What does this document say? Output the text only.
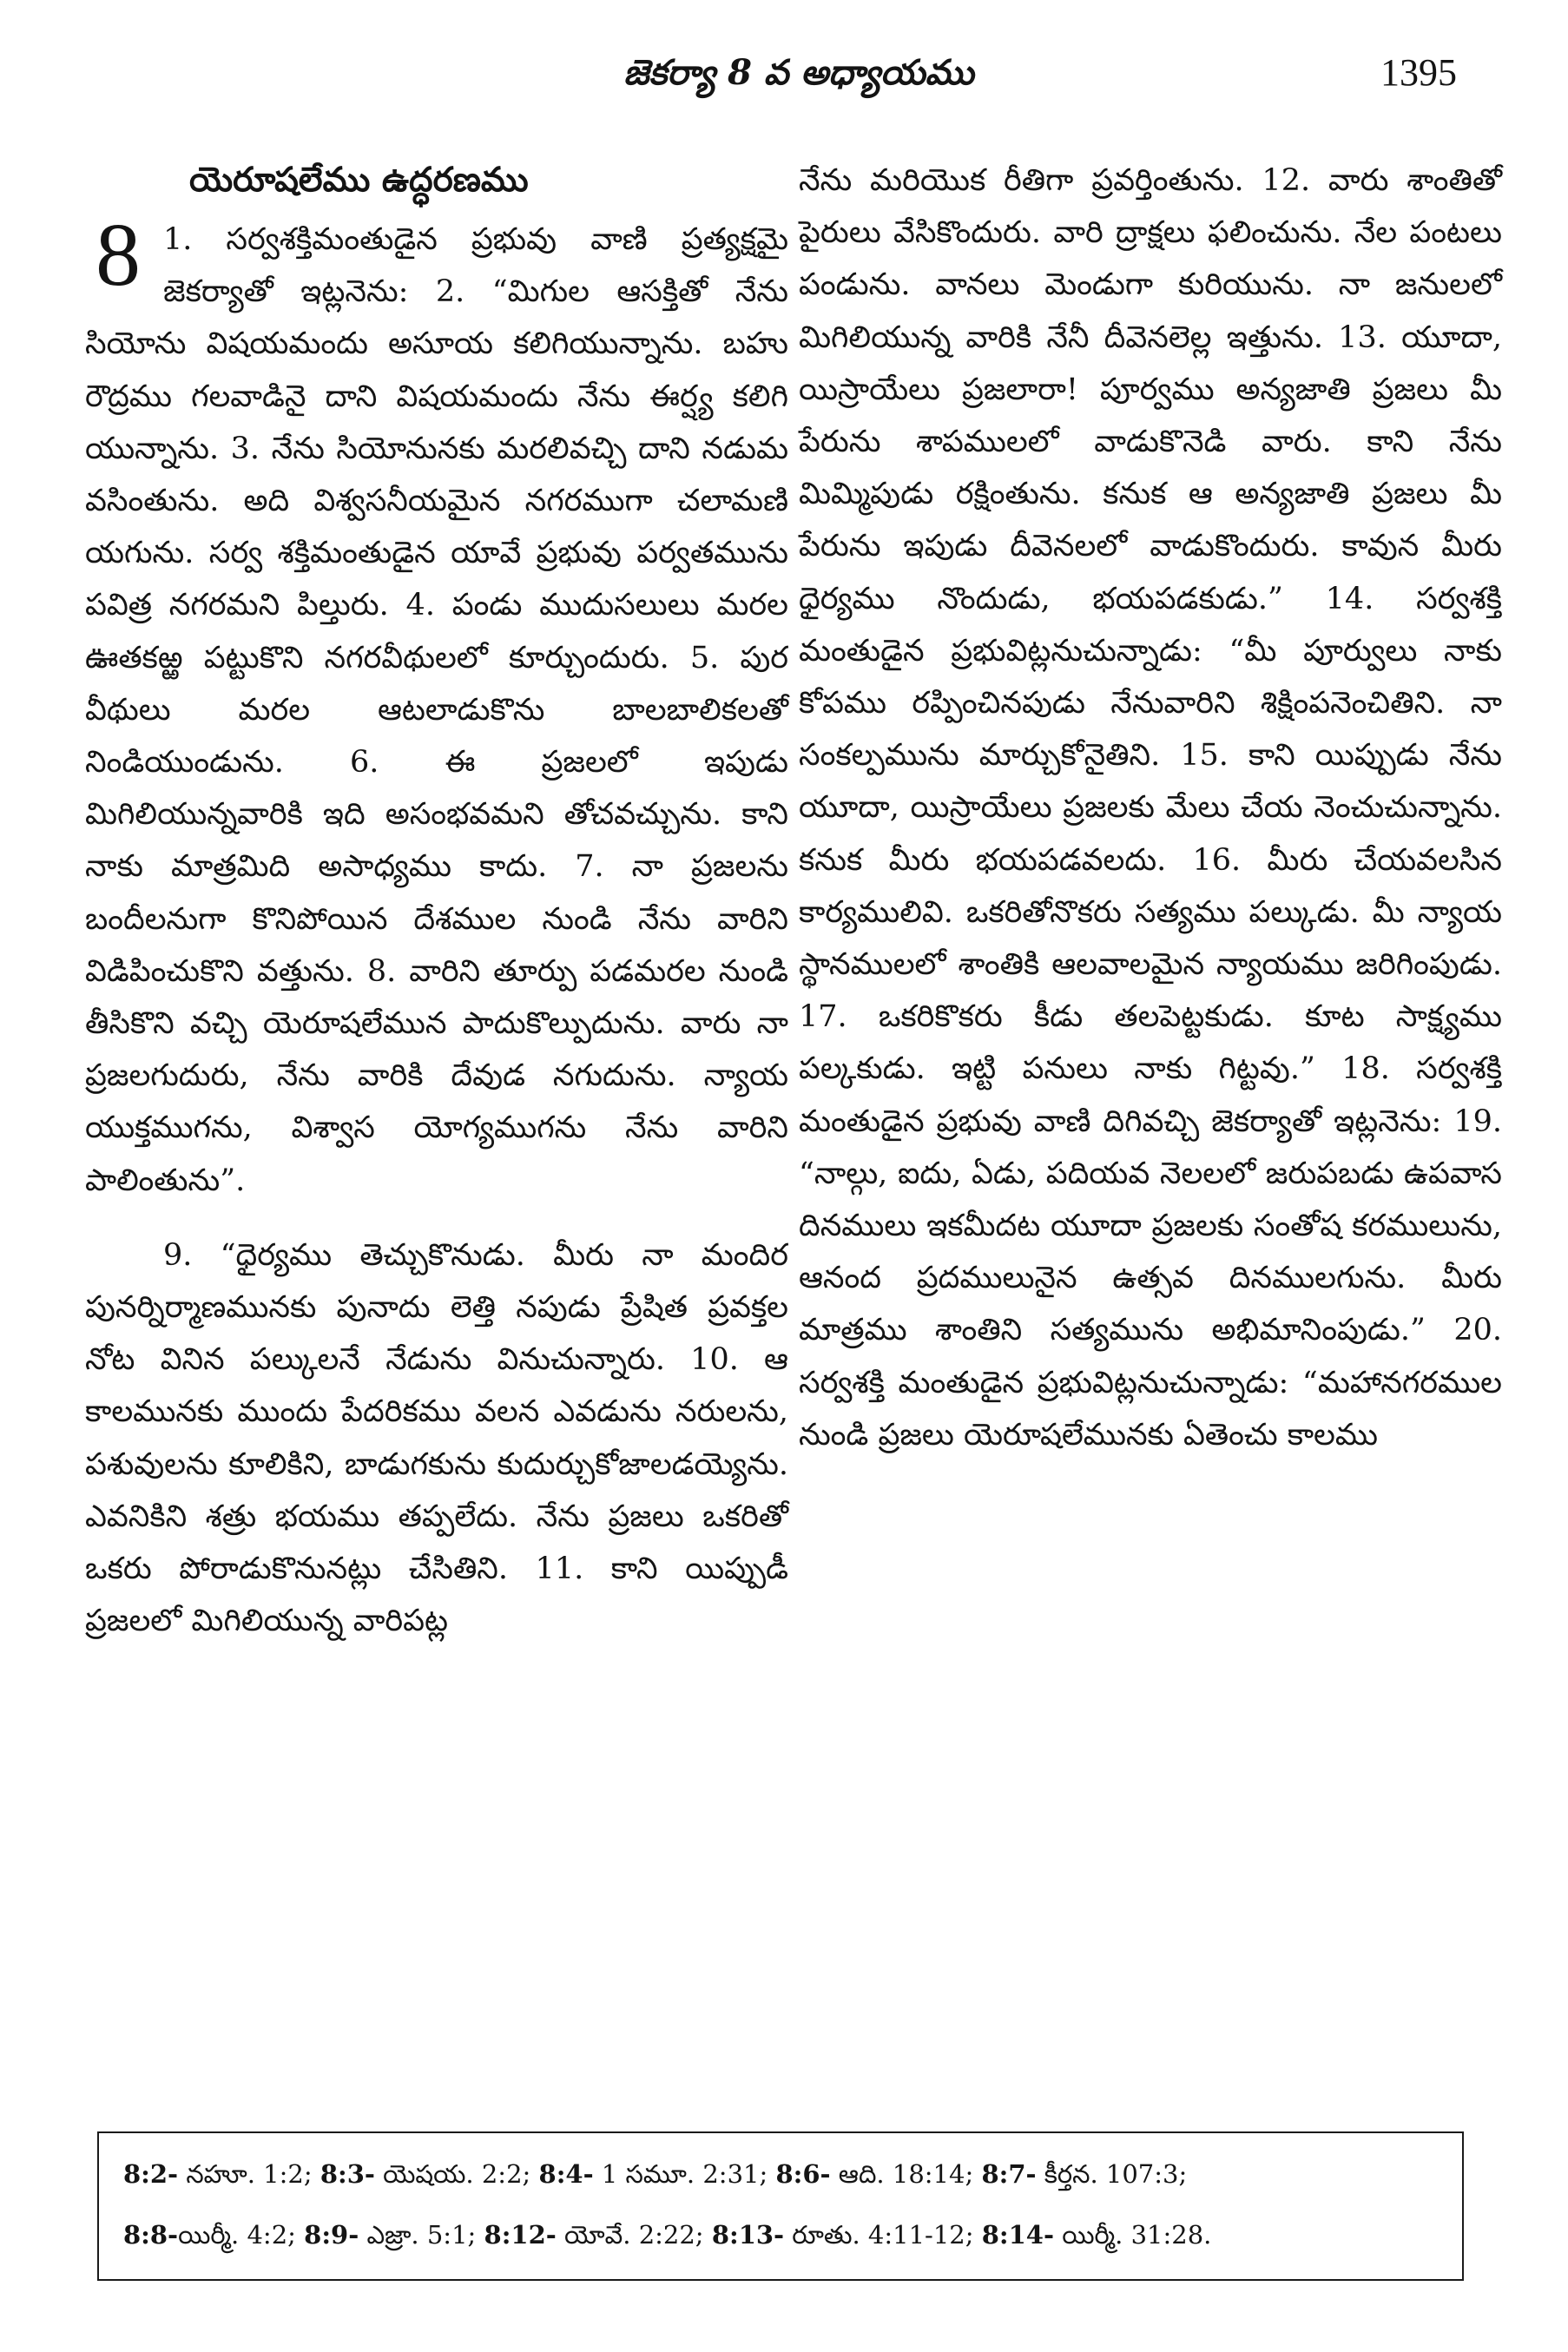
జెకర్యా 8 వ అధ్యాయము	1395
యెరూషలేము ఉద్ధరణము

8 1. సర్వశక్తిమంతుడైన ప్రభువు వాణి ప్రత్యక్షమై జెకర్యాతో ఇట్లనెను: 2. “మిగుల ఆసక్తితో నేను సియోను విషయమందు అసూయ కలిగియున్నాను. బహు రౌద్రము గలవాడినై దాని విషయమందు నేను ఈర్ష్య కలిగి యున్నాను. 3. నేను సియోనునకు మరలివచ్చి దాని నడుమ వసింతును. అది విశ్వసనీయమైన నగరముగా చలామణి యగును. సర్వ శక్తిమంతుడైన యావే ప్రభువు పర్వతమును పవిత్ర నగరమని పిల్తురు. 4. పండు ముదుసలులు మరల ఊతకఱ్ఱ పట్టుకొని నగరవీథులలో కూర్చుందురు. 5. పుర వీథులు మరల ఆటలాడుకొను బాలబాలికలతో నిండియుండును. 6. ఈ ప్రజలలో ఇపుడు మిగిలియున్నవారికి ఇది అసంభవమని తోచవచ్చును. కాని నాకు మాత్రమిది అసాధ్యము కాదు. 7. నా ప్రజలను బందీలనుగా కొనిపోయిన దేశముల నుండి నేను వారిని విడిపించుకొని వత్తును. 8. వారిని తూర్పు పడమరల నుండి తీసికొని వచ్చి యెరూషలేమున పాదుకొల్పుదును. వారు నా ప్రజలగుదురు, నేను వారికి దేవుడ నగుదును. న్యాయ యుక్తముగను, విశ్వాస యోగ్యముగను నేను వారిని పాలింతును”.

9. “ధైర్యము తెచ్చుకొనుడు. మీరు నా మందిర పునర్నిర్మాణమునకు పునాదు లెత్తి నపుడు ప్రేషిత ప్రవక్తల నోట వినిన పల్కులనే నేడును వినుచున్నారు. 10. ఆ కాలమునకు ముందు పేదరికము వలన ఎవడును నరులను, పశువులను కూలికిని, బాడుగకును కుదుర్చుకోజాలడయ్యెను. ఎవనికిని శత్రు భయము తప్పలేదు. నేను ప్రజలు ఒకరితో ఒకరు పోరాడుకొనునట్లు చేసితిని. 11. కాని యిప్పుడీ ప్రజలలో మిగిలియున్న వారిపట్ల

నేను మరియొక రీతిగా ప్రవర్తింతును. 12. వారు శాంతితో పైరులు వేసికొందురు. వారి ద్రాక్షలు ఫలించును. నేల పంటలు పండును. వానలు మెండుగా కురియును. నా జనులలో మిగిలియున్న వారికి నేనీ దీవెనలెల్ల ఇత్తును. 13. యూదా, యిస్రాయేలు ప్రజలారా! పూర్వము అన్యజాతి ప్రజలు మీ పేరును శాపములలో వాడుకొనెడి వారు. కాని నేను మిమ్మిపుడు రక్షింతును. కనుక ఆ అన్యజాతి ప్రజలు మీ పేరును ఇపుడు దీవెనలలో వాడుకొందురు. కావున మీరు ధైర్యము నొందుడు, భయపడకుడు.” 14. సర్వశక్తి మంతుడైన ప్రభువిట్లనుచున్నాడు: “మీ పూర్వులు నాకు కోపము రప్పించినపుడు నేనువారిని శిక్షింపనెంచితిని. నా సంకల్పమును మార్చుకోనైతిని. 15. కాని యిప్పుడు నేను యూదా, యిస్రాయేలు ప్రజలకు మేలు చేయ నెంచుచున్నాను. కనుక మీరు భయపడవలదు. 16. మీరు చేయవలసిన కార్యములివి. ఒకరితోనొకరు సత్యము పల్కుడు. మీ న్యాయ స్థానములలో శాంతికి ఆలవాలమైన న్యాయము జరిగింపుడు. 17. ఒకరికొకరు కీడు తలపెట్టకుడు. కూట సాక్ష్యము పల్కకుడు. ఇట్టి పనులు నాకు గిట్టవు.” 18. సర్వశక్తి మంతుడైన ప్రభువు వాణి దిగివచ్చి జెకర్యాతో ఇట్లనెను: 19. “నాల్గు, ఐదు, ఏడు, పదియవ నెలలలో జరుపబడు ఉపవాస దినములు ఇకమీదట యూదా ప్రజలకు సంతోష కరములును, ఆనంద ప్రదములునైన ఉత్సవ దినములగును. మీరు మాత్రము శాంతిని సత్యమును అభిమానింపుడు.” 20. సర్వశక్తి మంతుడైన ప్రభువిట్లనుచున్నాడు: “మహానగరముల నుండి ప్రజలు యెరూషలేమునకు ఏతెంచు కాలము

8:2- నహూ. 1:2; 8:3- యెషయ. 2:2; 8:4- 1 సమూ. 2:31; 8:6- ఆది. 18:14; 8:7- కీర్తన. 107:3;
8:8-యిర్మీ. 4:2; 8:9- ఎజ్రా. 5:1; 8:12- యోవే. 2:22; 8:13- రూతు. 4:11-12; 8:14- యిర్మీ. 31:28.
